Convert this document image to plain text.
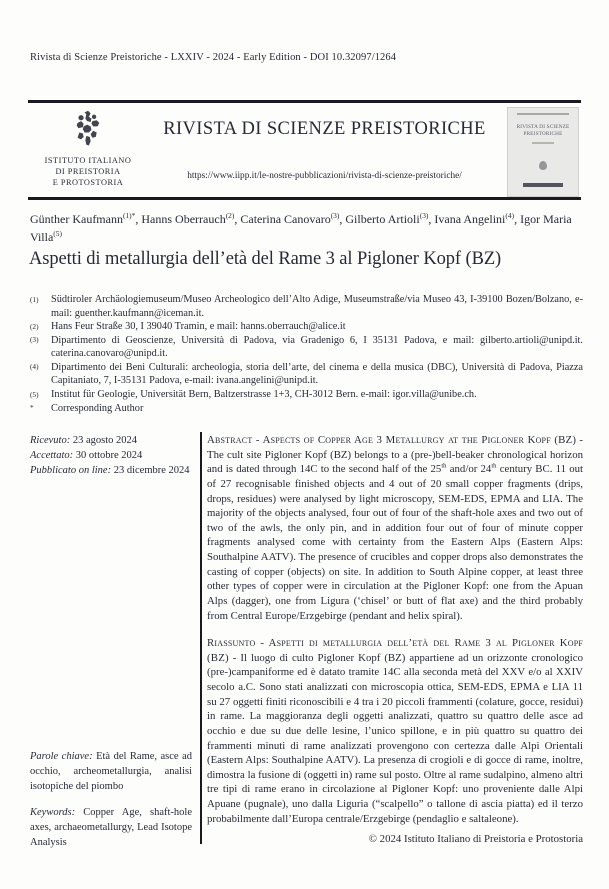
Rivista di Scienze Preistoriche - LXXIV - 2024 - Early Edition - DOI 10.32097/1264
ISTITUTO ITALIANO
DI PREISTORIA
E PROTOSTORIA
RIVISTA DI SCIENZE PREISTORICHE
https://www.iipp.it/le-nostre-pubblicazioni/rivista-di-scienze-preistoriche/
RIVISTA DI SCIENZE PREISTORICHE
Günther Kaufmann$^{(1)*}$, Hanns Oberrauch$^{(2)}$, Caterina Canovaro$^{(3)}$, Gilberto Artioli$^{(3)}$, Ivana Angelini$^{(4)}$, Igor Maria Villa$^{(5)}$
Aspetti di metallurgia dell’età del Rame 3 al Pigloner Kopf (BZ)
(1)	Südtiroler Archäologiemuseum/Museo Archeologico dell’Alto Adige, Museumstraße/via Museo 43, I-39100 Bozen/Bolzano, e-mail: guenther.kaufmann@iceman.it.
(2)	Hans Feur Straße 30, I 39040 Tramin, e mail: hanns.oberrauch@alice.it
(3)	Dipartimento di Geoscienze, Università di Padova, via Gradenigo 6, I 35131 Padova, e mail: gilberto.artioli@unipd.it. caterina.canovaro@unipd.it.
(4)	Dipartimento dei Beni Culturali: archeologia, storia dell’arte, del cinema e della musica (DBC), Università di Padova, Piazza Capitaniato, 7, I-35131 Padova, e-mail: ivana.angelini@unipd.it.
(5)	Institut für Geologie, Universität Bern, Baltzerstrasse 1+3, CH-3012 Bern. e-mail: igor.villa@unibe.ch.
*	Corresponding Author
Ricevuto: 23 agosto 2024
Accettato: 30 ottobre 2024
Pubblicato on line: 23 dicembre 2024

Parole chiave: Età del Rame, asce ad occhio, archeometallurgia, analisi isotopiche del piombo

Keywords: Copper Age, shaft-hole axes, archaeometallurgy, Lead Isotope Analysis

Abstract - Aspects of Copper Age 3 Metallurgy at the Pigloner Kopf (BZ) - The cult site Pigloner Kopf (BZ) belongs to a (pre-)bell-beaker chronological horizon and is dated through 14C to the second half of the 25th and/or 24th century BC. 11 out of 27 recognisable finished objects and 4 out of 20 small copper fragments (drips, drops, residues) were analysed by light microscopy, SEM-EDS, EPMA and LIA. The majority of the objects analysed, four out of four of the shaft-hole axes and two out of two of the awls, the only pin, and in addition four out of four of minute copper fragments analysed come with certainty from the Eastern Alps (Eastern Alps: Southalpine AATV). The presence of crucibles and copper drops also demonstrates the casting of copper (objects) on site. In addition to South Alpine copper, at least three other types of copper were in circulation at the Pigloner Kopf: one from the Apuan Alps (dagger), one from Ligura (‘chisel’ or butt of flat axe) and the third probably from Central Europe/Erzgebirge (pendant and helix spiral).

Riassunto - Aspetti di metallurgia dell’età del Rame 3 al Pigloner Kopf (BZ) - Il luogo di culto Pigloner Kopf (BZ) appartiene ad un orizzonte cronologico (pre-)campaniforme ed è datato tramite 14C alla seconda metà del XXV e/o al XXIV secolo a.C. Sono stati analizzati con microscopia ottica, SEM-EDS, EPMA e LIA 11 su 27 oggetti finiti riconoscibili e 4 tra i 20 piccoli frammenti (colature, gocce, residui) in rame. La maggioranza degli oggetti analizzati, quattro su quattro delle asce ad occhio e due su due delle lesine, l’unico spillone, e in più quattro su quattro dei frammenti minuti di rame analizzati provengono con certezza dalle Alpi Orientali (Eastern Alps: Southalpine AATV). La presenza di crogioli e di gocce di rame, inoltre, dimostra la fusione di (oggetti in) rame sul posto. Oltre al rame sudalpino, almeno altri tre tipi di rame erano in circolazione al Pigloner Kopf: uno proveniente dalle Alpi Apuane (pugnale), uno dalla Liguria (“scalpello” o tallone di ascia piatta) ed il terzo probabilmente dall’Europa centrale/Erzgebirge (pendaglio e saltaleone).

© 2024 Istituto Italiano di Preistoria e Protostoria
